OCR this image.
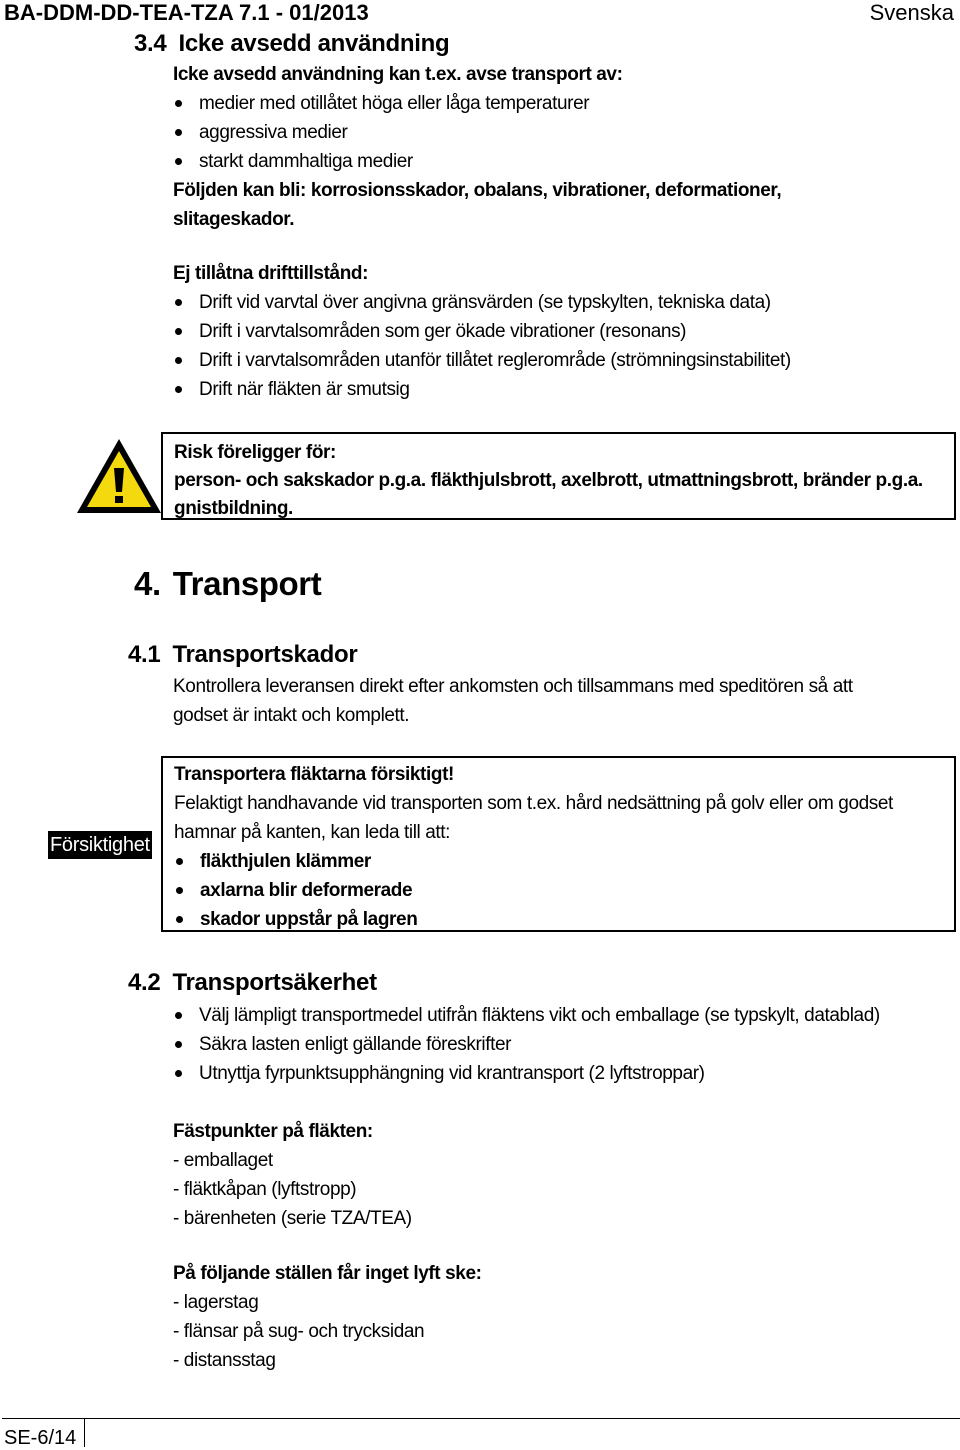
BA-DDM-DD-TEA-TZA 7.1 - 01/2013	Svenska
3.4 Icke avsedd användning
Icke avsedd användning kan t.ex. avse transport av:
medier med otillåtet höga eller låga temperaturer
aggressiva medier
starkt dammhaltiga medier
Följden kan bli: korrosionsskador, obalans, vibrationer, deformationer,
slitageskador.
Ej tillåtna drifttillstånd:
Drift vid varvtal över angivna gränsvärden (se typskylten, tekniska data)
Drift i varvtalsområden som ger ökade vibrationer (resonans)
Drift i varvtalsområden utanför tillåtet reglerområde (strömningsinstabilitet)
Drift när fläkten är smutsig
Risk föreligger för:
person- och sakskador p.g.a. fläkthjulsbrott, axelbrott, utmattningsbrott, bränder p.g.a.
gnistbildning.
4. Transport
4.1 Transportskador
Kontrollera leveransen direkt efter ankomsten och tillsammans med speditören så att
godset är intakt och komplett.
Försiktighet
Transportera fläktarna försiktigt!
Felaktigt handhavande vid transporten som t.ex. hård nedsättning på golv eller om godset
hamnar på kanten, kan leda till att:
fläkthjulen klämmer
axlarna blir deformerade
skador uppstår på lagren
4.2 Transportsäkerhet
Välj lämpligt transportmedel utifrån fläktens vikt och emballage (se typskylt, datablad)
Säkra lasten enligt gällande föreskrifter
Utnyttja fyrpunktsupphängning vid krantransport (2 lyftstroppar)
Fästpunkter på fläkten:
- emballaget
- fläktkåpan (lyftstropp)
- bärenheten (serie TZA/TEA)
På följande ställen får inget lyft ske:
- lagerstag
- flänsar på sug- och trycksidan
- distansstag
SE-6/14
